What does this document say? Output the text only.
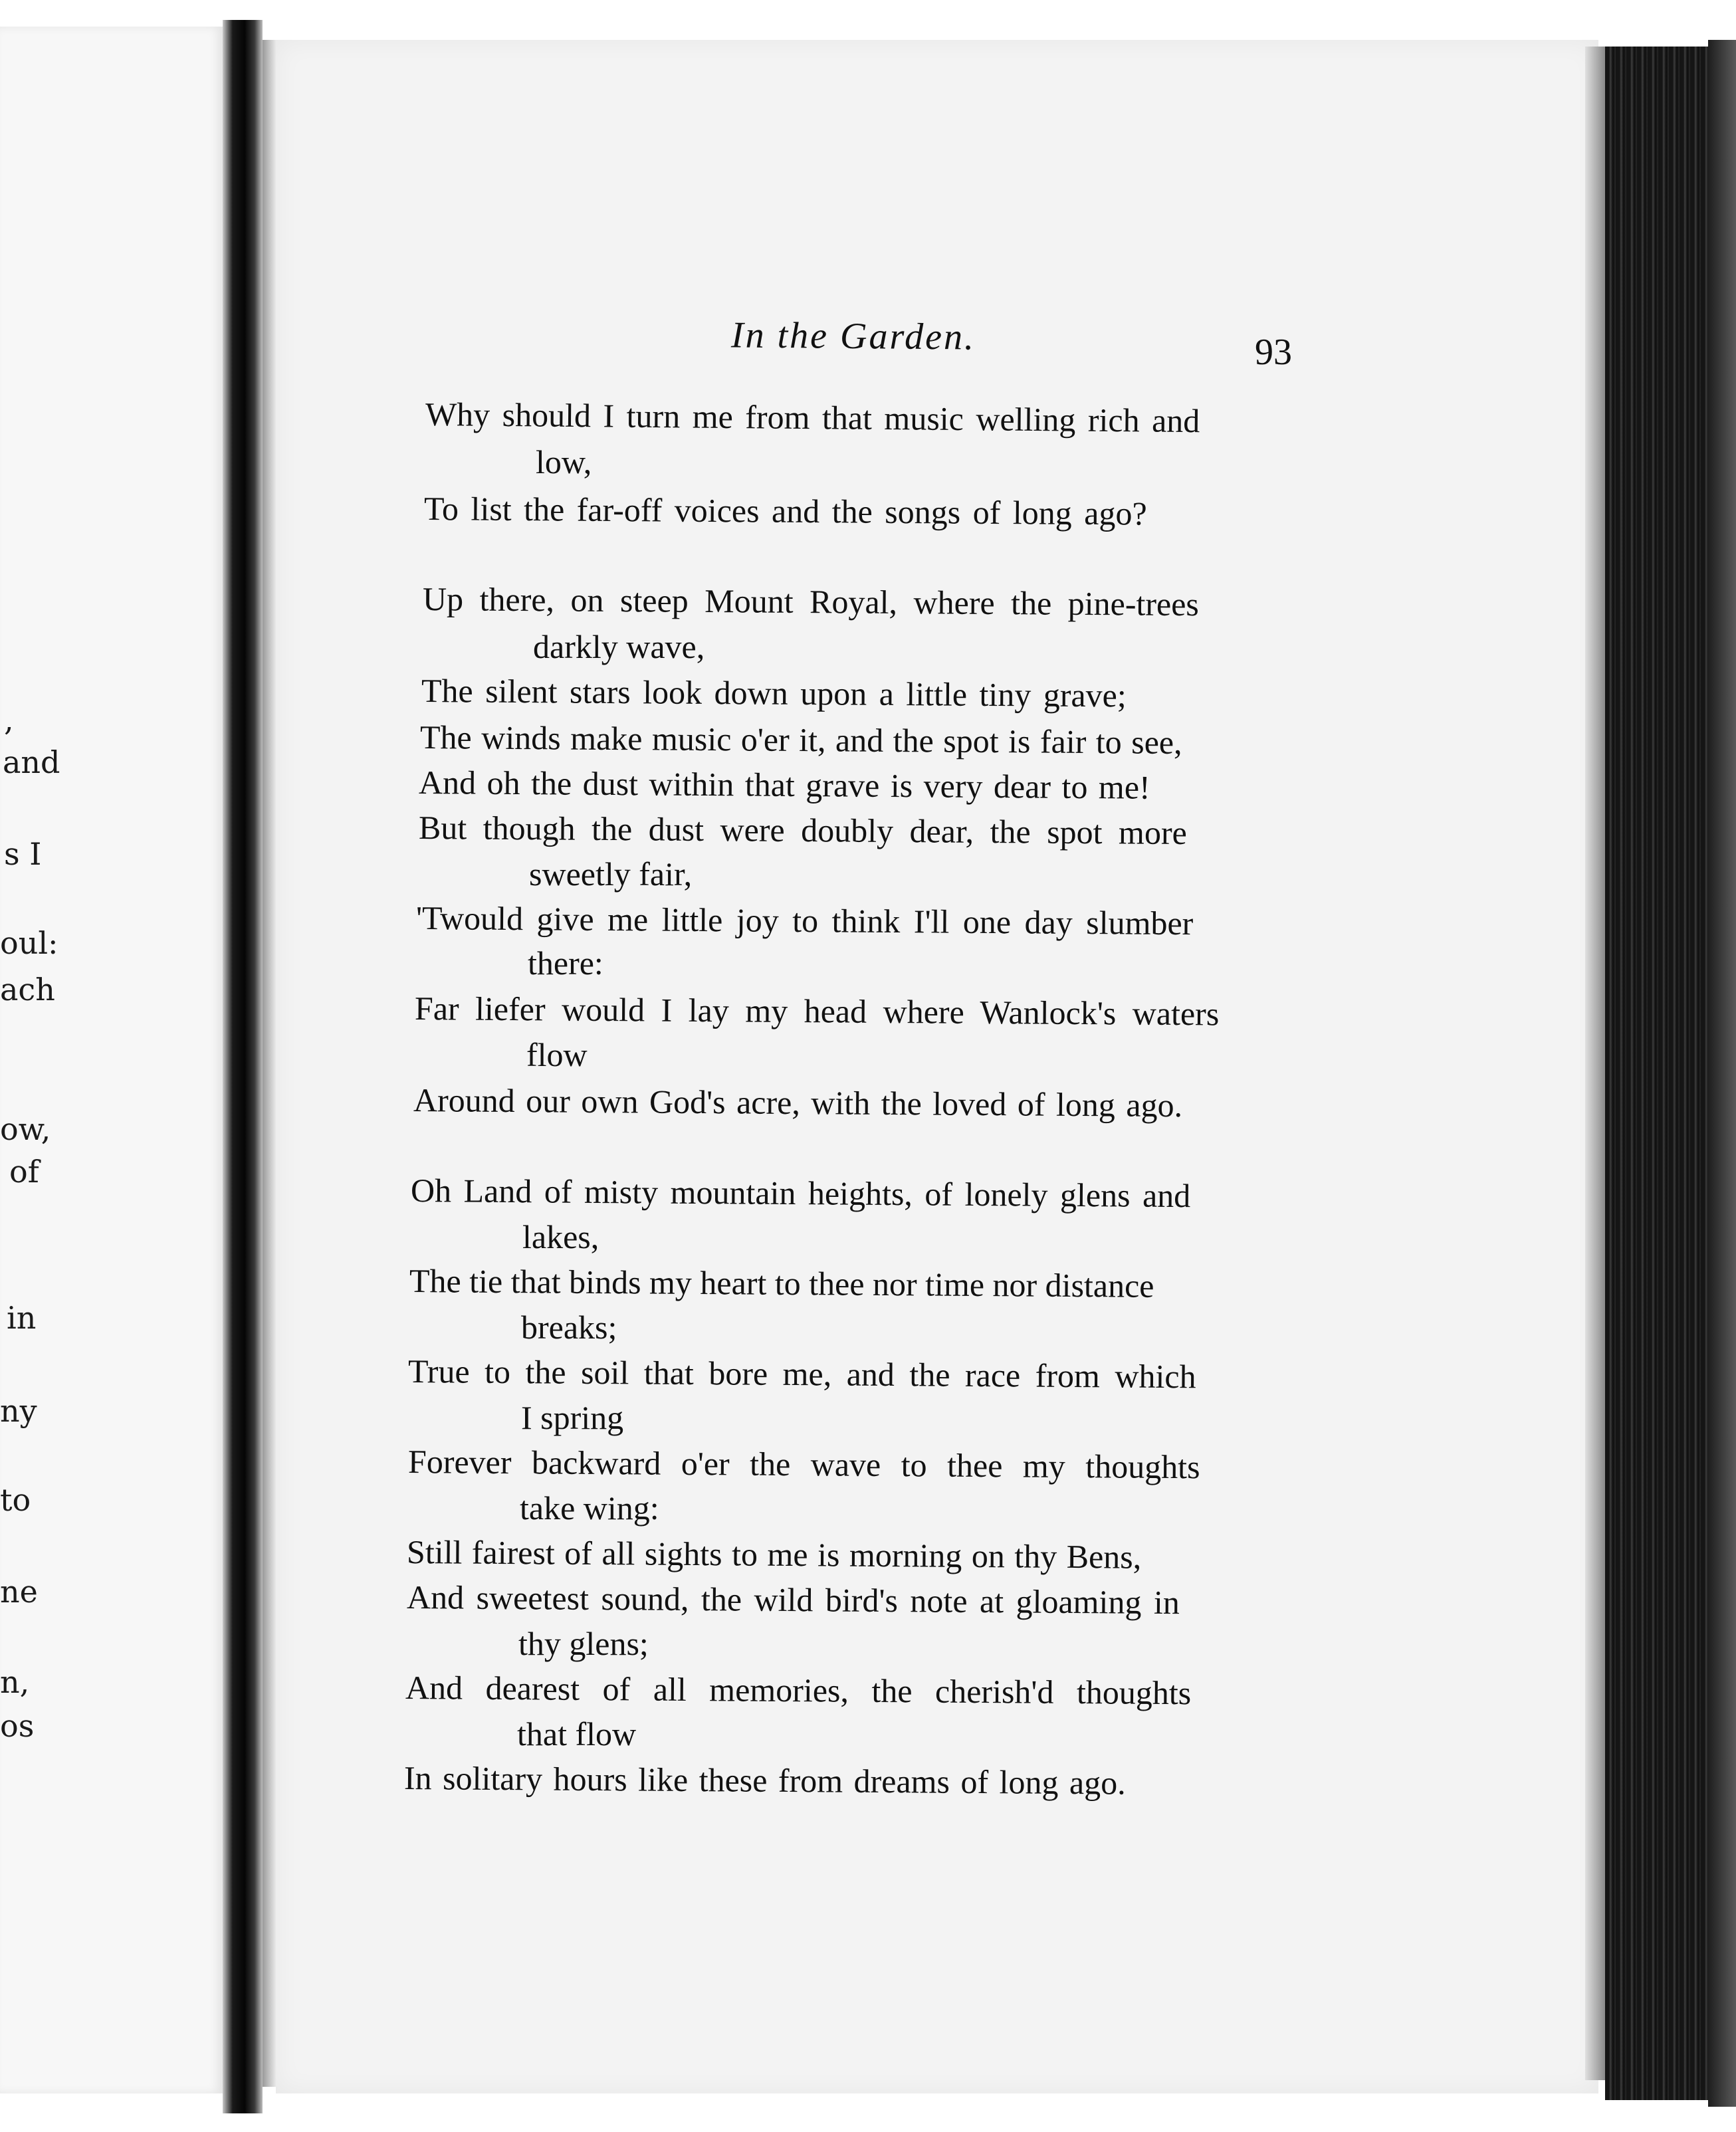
,
and
s I
oul:
ach
ow,
of
in
ny
to
ne
n,
os
In the Garden.	93
Why should I turn me from that music welling rich and
low,
To list the far-off voices and the songs of long ago?
Up there, on steep Mount Royal, where the pine-trees
darkly wave,
The silent stars look down upon a little tiny grave;
The winds make music o'er it, and the spot is fair to see,
And oh the dust within that grave is very dear to me!
But though the dust were doubly dear, the spot more
sweetly fair,
'Twould give me little joy to think I'll one day slumber
there:
Far liefer would I lay my head where Wanlock's waters
flow
Around our own God's acre, with the loved of long ago.
Oh Land of misty mountain heights, of lonely glens and
lakes,
The tie that binds my heart to thee nor time nor distance
breaks;
True to the soil that bore me, and the race from which
I spring
Forever backward o'er the wave to thee my thoughts
take wing:
Still fairest of all sights to me is morning on thy Bens,
And sweetest sound, the wild bird's note at gloaming in
thy glens;
And dearest of all memories, the cherish'd thoughts
that flow
In solitary hours like these from dreams of long ago.
